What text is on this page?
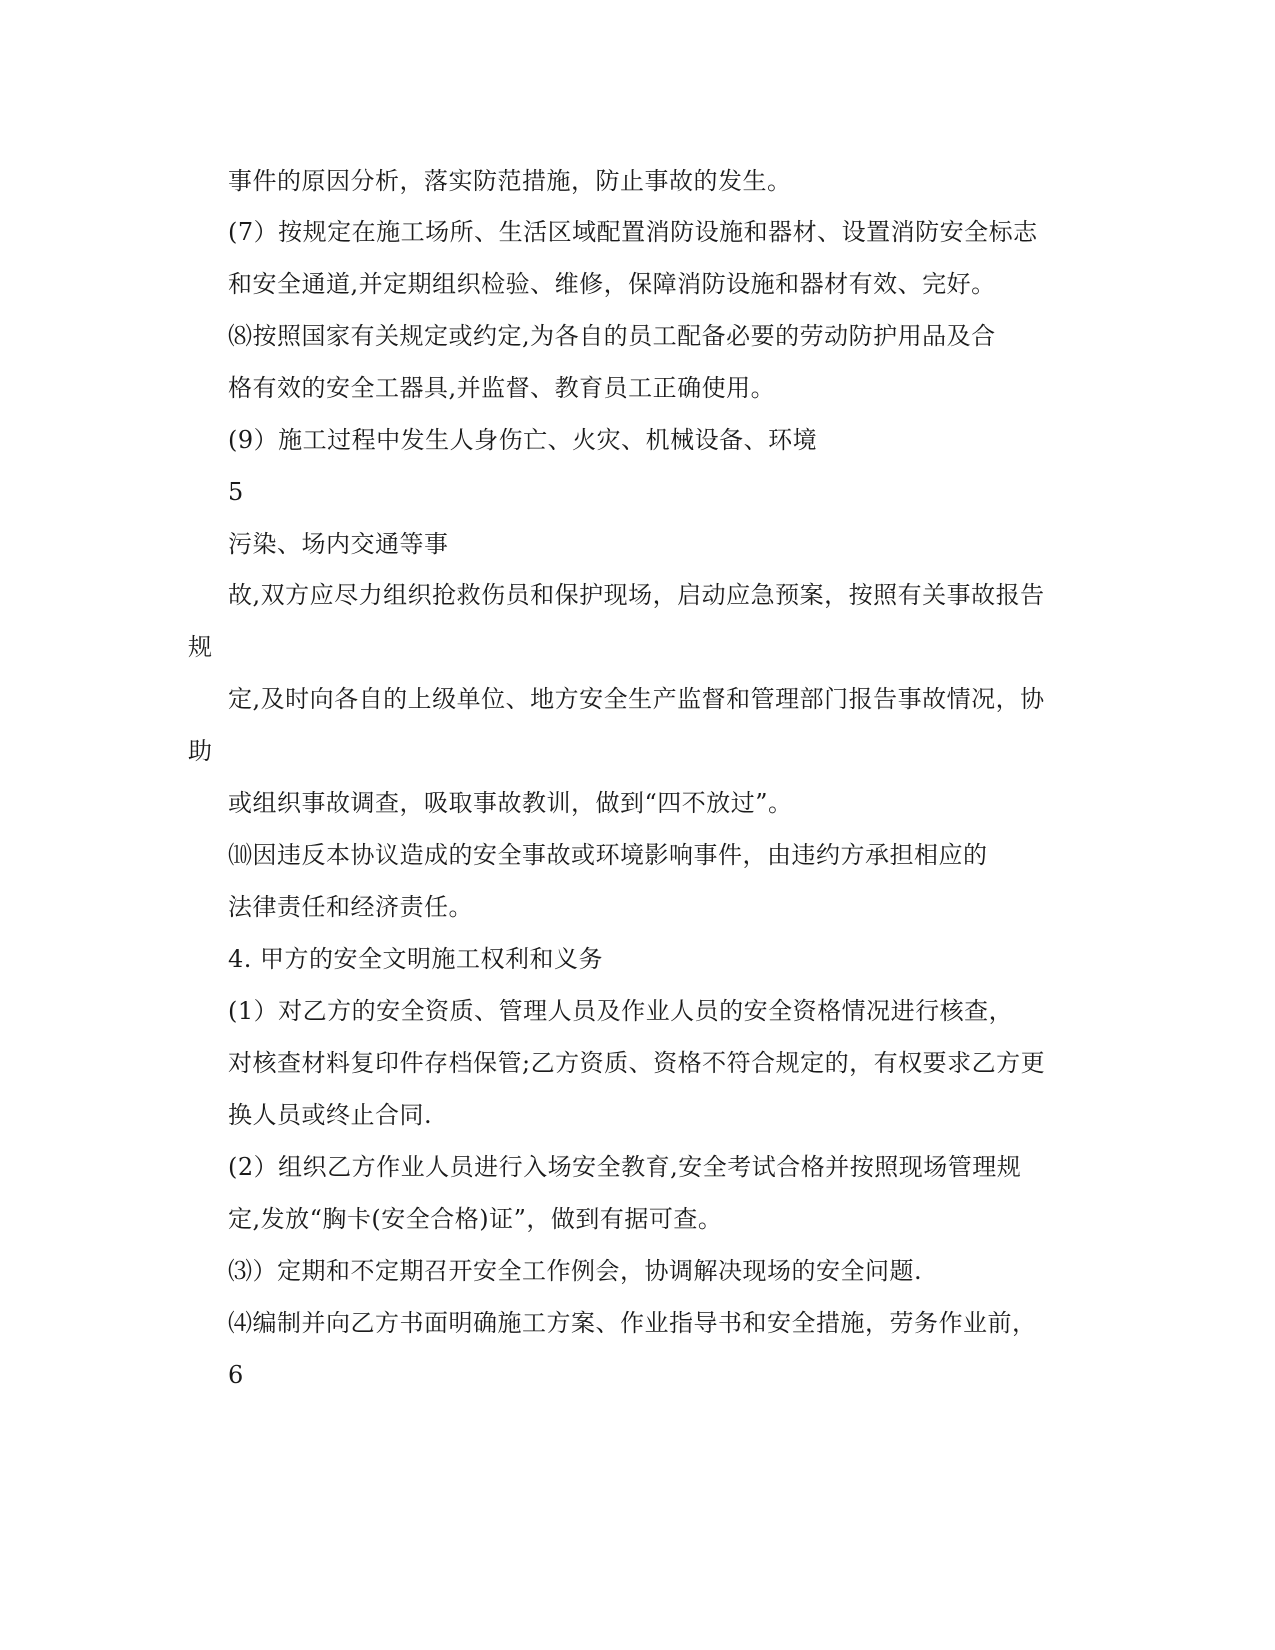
事件的原因分析，落实防范措施，防止事故的发生。
(7）按规定在施工场所、生活区域配置消防设施和器材、设置消防安全标志
和安全通道,并定期组织检验、维修，保障消防设施和器材有效、完好。
⑻按照国家有关规定或约定,为各自的员工配备必要的劳动防护用品及合
格有效的安全工器具,并监督、教育员工正确使用。
(9）施工过程中发生人身伤亡、火灾、机械设备、环境
5
污染、场内交通等事
故,双方应尽力组织抢救伤员和保护现场，启动应急预案，按照有关事故报告
规
定,及时向各自的上级单位、地方安全生产监督和管理部门报告事故情况，协
助
或组织事故调查，吸取事故教训，做到“四不放过”。
⑽因违反本协议造成的安全事故或环境影响事件，由违约方承担相应的
法律责任和经济责任。
4. 甲方的安全文明施工权利和义务
(1）对乙方的安全资质、管理人员及作业人员的安全资格情况进行核查，
对核查材料复印件存档保管;乙方资质、资格不符合规定的，有权要求乙方更
换人员或终止合同.
(2）组织乙方作业人员进行入场安全教育,安全考试合格并按照现场管理规
定,发放“胸卡(安全合格)证”，做到有据可查。
⑶）定期和不定期召开安全工作例会，协调解决现场的安全问题.
⑷编制并向乙方书面明确施工方案、作业指导书和安全措施，劳务作业前，
6
